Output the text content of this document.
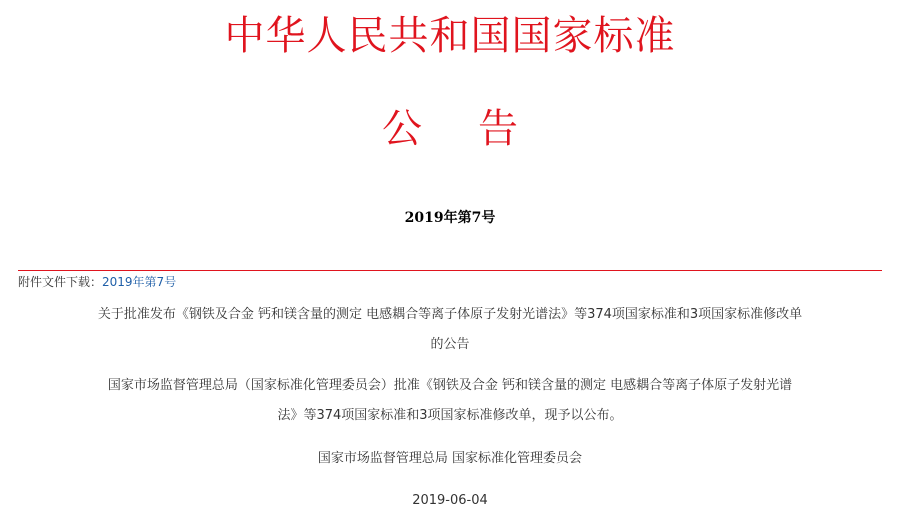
中华人民共和国国家标准
公 告
2019年第7号
附件文件下载：2019年第7号
关于批准发布《钢铁及合金 钙和镁含量的测定 电感耦合等离子体原子发射光谱法》等374项国家标准和3项国家标准修改单
的公告
国家市场监督管理总局（国家标准化管理委员会）批准《钢铁及合金 钙和镁含量的测定 电感耦合等离子体原子发射光谱
法》等374项国家标准和3项国家标准修改单，现予以公布。
国家市场监督管理总局 国家标准化管理委员会
2019-06-04
